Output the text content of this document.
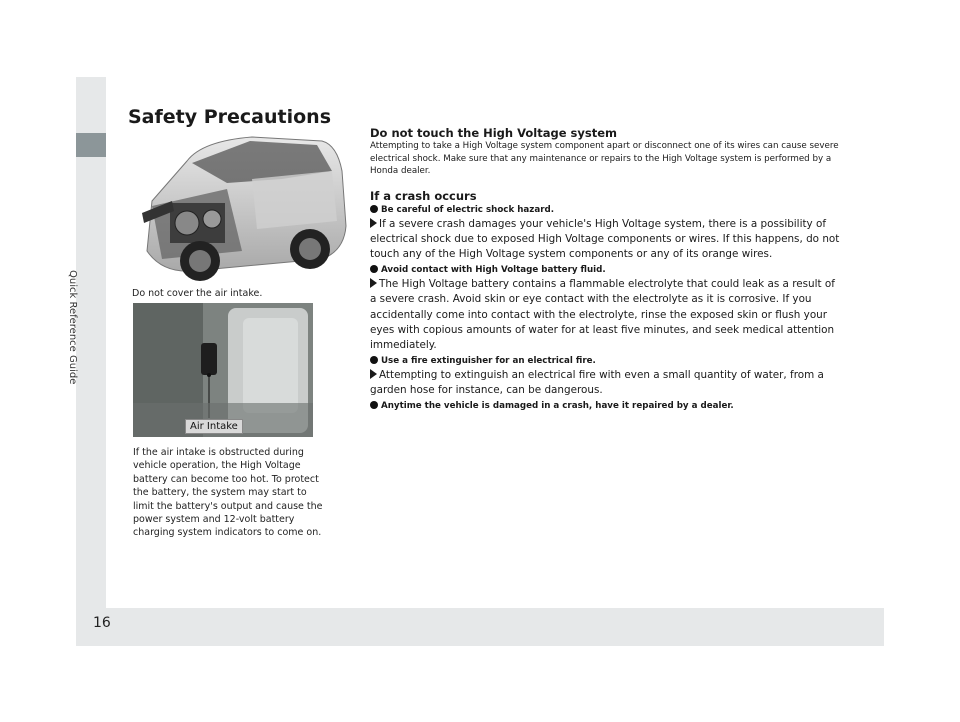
Quick Reference Guide
16
Safety Precautions
Do not cover the air intake.
Air Intake
If the air intake is obstructed during vehicle operation, the High Voltage battery can become too hot. To protect the battery, the system may start to limit the battery's output and cause the power system and 12-volt battery charging system indicators to come on.

Do not touch the High Voltage system

Attempting to take a High Voltage system component apart or disconnect one of its wires can cause severe electrical shock. Make sure that any maintenance or repairs to the High Voltage system is performed by a Honda dealer.

If a crash occurs

Be careful of electric shock hazard.

If a severe crash damages your vehicle's High Voltage system, there is a possibility of electrical shock due to exposed High Voltage components or wires. If this happens, do not touch any of the High Voltage system components or any of its orange wires.

Avoid contact with High Voltage battery fluid.

The High Voltage battery contains a flammable electrolyte that could leak as a result of a severe crash. Avoid skin or eye contact with the electrolyte as it is corrosive. If you accidentally come into contact with the electrolyte, rinse the exposed skin or flush your eyes with copious amounts of water for at least five minutes, and seek medical attention immediately.

Use a fire extinguisher for an electrical fire.

Attempting to extinguish an electrical fire with even a small quantity of water, from a garden hose for instance, can be dangerous.

Anytime the vehicle is damaged in a crash, have it repaired by a dealer.
